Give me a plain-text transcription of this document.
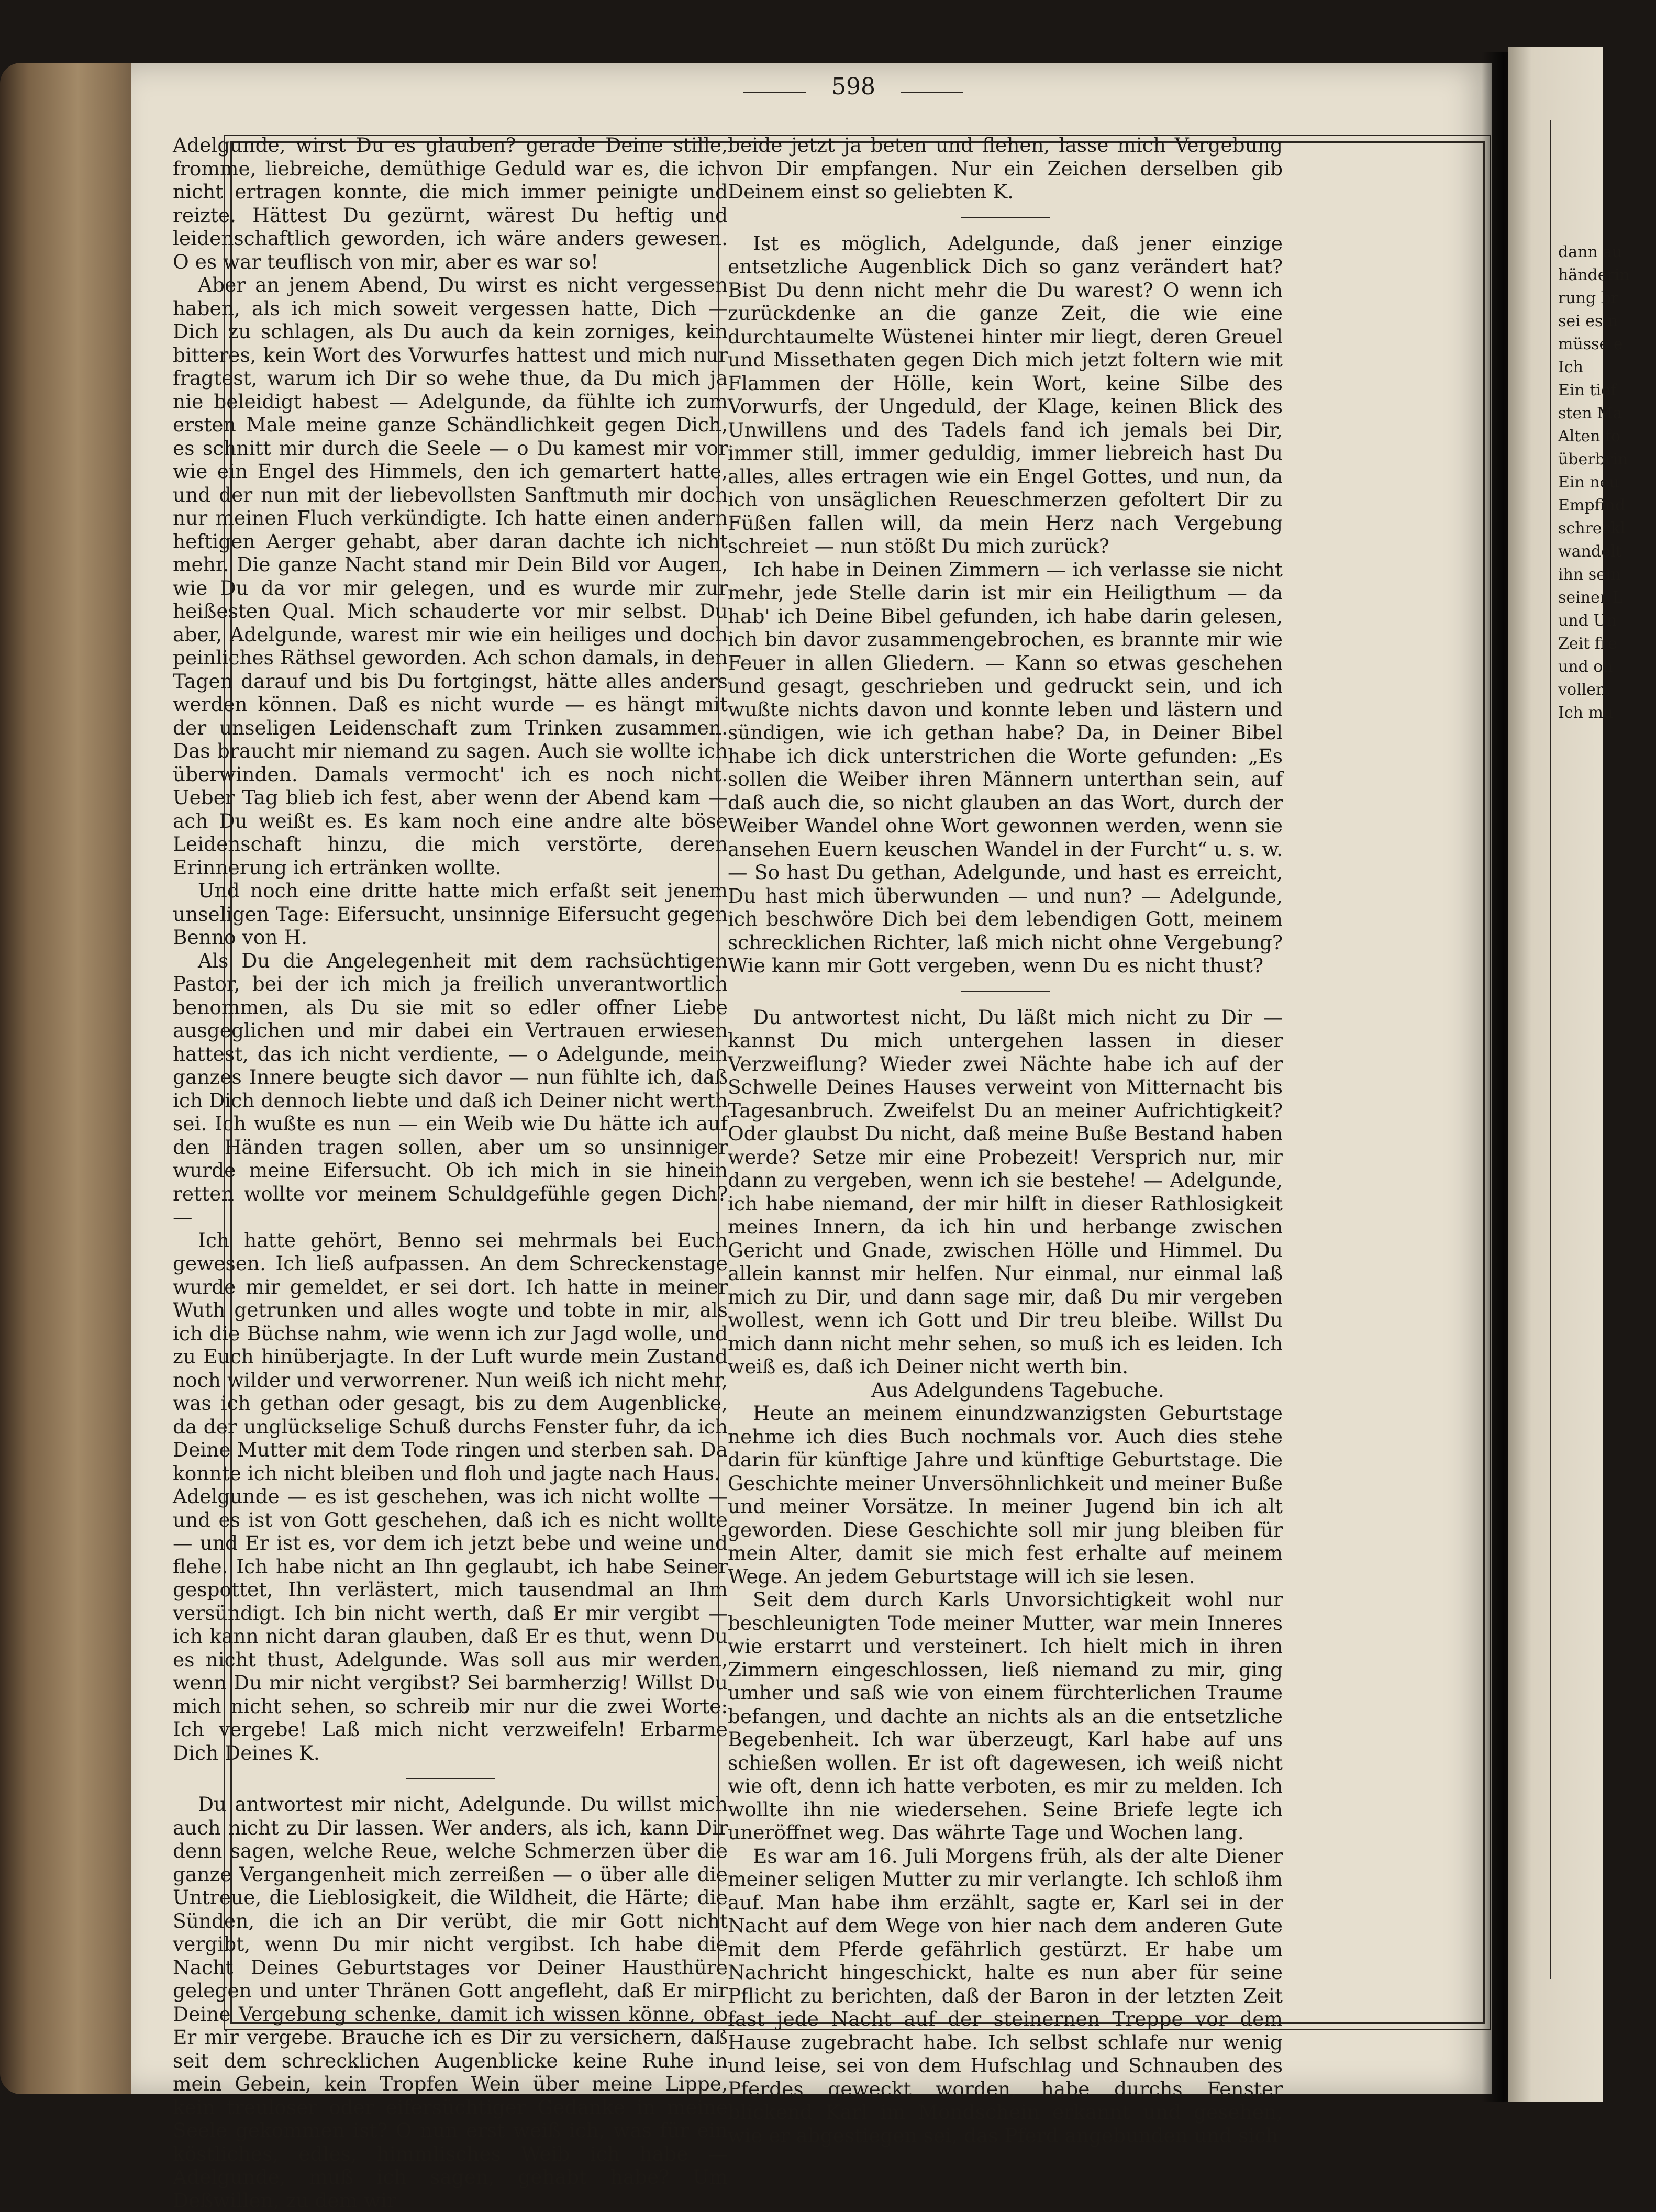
598

Adelgunde, wirst Du es glauben? gerade Deine stille, fromme, liebreiche, demüthige Geduld war es, die ich nicht ertragen konnte, die mich immer peinigte und reizte. Hättest Du gezürnt, wärest Du heftig und leidenschaftlich geworden, ich wäre anders gewesen. O es war teuflisch von mir, aber es war so!

Aber an jenem Abend, Du wirst es nicht vergessen haben, als ich mich soweit vergessen hatte, Dich — Dich zu schlagen, als Du auch da kein zorniges, kein bitteres, kein Wort des Vorwurfes hattest und mich nur fragtest, warum ich Dir so wehe thue, da Du mich ja nie beleidigt habest — Adelgunde, da fühlte ich zum ersten Male meine ganze Schändlichkeit gegen Dich, es schnitt mir durch die Seele — o Du kamest mir vor wie ein Engel des Himmels, den ich gemartert hatte, und der nun mit der liebevollsten Sanftmuth mir doch nur meinen Fluch verkündigte. Ich hatte einen andern heftigen Aerger gehabt, aber daran dachte ich nicht mehr. Die ganze Nacht stand mir Dein Bild vor Augen, wie Du da vor mir gelegen, und es wurde mir zur heißesten Qual. Mich schauderte vor mir selbst. Du aber, Adelgunde, warest mir wie ein heiliges und doch peinliches Räthsel geworden. Ach schon damals, in den Tagen darauf und bis Du fortgingst, hätte alles anders werden können. Daß es nicht wurde — es hängt mit der unseligen Leidenschaft zum Trinken zusammen. Das braucht mir niemand zu sagen. Auch sie wollte ich überwinden. Damals vermocht' ich es noch nicht. Ueber Tag blieb ich fest, aber wenn der Abend kam — ach Du weißt es. Es kam noch eine andre alte böse Leidenschaft hinzu, die mich verstörte, deren Erinnerung ich ertränken wollte.

Und noch eine dritte hatte mich erfaßt seit jenem unseligen Tage: Eifersucht, unsinnige Eifersucht gegen Benno von H.

Als Du die Angelegenheit mit dem rachsüchtigen Pastor, bei der ich mich ja freilich unverantwortlich benommen, als Du sie mit so edler offner Liebe ausgeglichen und mir dabei ein Vertrauen erwiesen hattest, das ich nicht verdiente, — o Adelgunde, mein ganzes Innere beugte sich davor — nun fühlte ich, daß ich Dich dennoch liebte und daß ich Deiner nicht werth sei. Ich wußte es nun — ein Weib wie Du hätte ich auf den Händen tragen sollen, aber um so unsinniger wurde meine Eifersucht. Ob ich mich in sie hinein retten wollte vor meinem Schuldgefühle gegen Dich? —

Ich hatte gehört, Benno sei mehrmals bei Euch gewesen. Ich ließ aufpassen. An dem Schreckenstage wurde mir gemeldet, er sei dort. Ich hatte in meiner Wuth getrunken und alles wogte und tobte in mir, als ich die Büchse nahm, wie wenn ich zur Jagd wolle, und zu Euch hinüberjagte. In der Luft wurde mein Zustand noch wilder und verworrener. Nun weiß ich nicht mehr, was ich gethan oder gesagt, bis zu dem Augenblicke, da der unglückselige Schuß durchs Fenster fuhr, da ich Deine Mutter mit dem Tode ringen und sterben sah. Da konnte ich nicht bleiben und floh und jagte nach Haus.

Adelgunde — es ist geschehen, was ich nicht wollte — und es ist von Gott geschehen, daß ich es nicht wollte — und Er ist es, vor dem ich jetzt bebe und weine und flehe. Ich habe nicht an Ihn geglaubt, ich habe Seiner gespottet, Ihn verlästert, mich tausendmal an Ihm versündigt. Ich bin nicht werth, daß Er mir vergibt — ich kann nicht daran glauben, daß Er es thut, wenn Du es nicht thust, Adelgunde. Was soll aus mir werden, wenn Du mir nicht vergibst? Sei barmherzig! Willst Du mich nicht sehen, so schreib mir nur die zwei Worte: Ich vergebe! Laß mich nicht verzweifeln! Erbarme Dich Deines K.

Du antwortest mir nicht, Adelgunde. Du willst mich auch nicht zu Dir lassen. Wer anders, als ich, kann Dir denn sagen, welche Reue, welche Schmerzen über die ganze Vergangenheit mich zerreißen — o über alle die Untreue, die Lieblosigkeit, die Wildheit, die Härte; die Sünden, die ich an Dir verübt, die mir Gott nicht vergibt, wenn Du mir nicht vergibst. Ich habe die Nacht Deines Geburtstages vor Deiner Hausthüre gelegen und unter Thränen Gott angefleht, daß Er mir Deine Vergebung schenke, damit ich wissen könne, ob Er mir vergebe. Brauche ich es Dir zu versichern, daß seit dem schrecklichen Augenblicke keine Ruhe in mein Gebein, kein Tropfen Wein über meine Lippe, kein treuloser oder eifersüchtiger Gedanke in meine Seele gekommen ist? O nun erst weiß ich, was für ein köstliches, edles, himmlisches Weib ich habe — Adelgunde, muß ich sagen, gehabt habe? Um Deßwillen, zu dem wir

beide jetzt ja beten und flehen, lasse mich Vergebung von Dir empfangen. Nur ein Zeichen derselben gib Deinem einst so geliebten K.

Ist es möglich, Adelgunde, daß jener einzige entsetzliche Augenblick Dich so ganz verändert hat? Bist Du denn nicht mehr die Du warest? O wenn ich zurückdenke an die ganze Zeit, die wie eine durchtaumelte Wüstenei hinter mir liegt, deren Greuel und Missethaten gegen Dich mich jetzt foltern wie mit Flammen der Hölle, kein Wort, keine Silbe des Vorwurfs, der Ungeduld, der Klage, keinen Blick des Unwillens und des Tadels fand ich jemals bei Dir, immer still, immer geduldig, immer liebreich hast Du alles, alles ertragen wie ein Engel Gottes, und nun, da ich von unsäglichen Reueschmerzen gefoltert Dir zu Füßen fallen will, da mein Herz nach Vergebung schreiet — nun stößt Du mich zurück?

Ich habe in Deinen Zimmern — ich verlasse sie nicht mehr, jede Stelle darin ist mir ein Heiligthum — da hab' ich Deine Bibel gefunden, ich habe darin gelesen, ich bin davor zusammengebrochen, es brannte mir wie Feuer in allen Gliedern. — Kann so etwas geschehen und gesagt, geschrieben und gedruckt sein, und ich wußte nichts davon und konnte leben und lästern und sündigen, wie ich gethan habe? Da, in Deiner Bibel habe ich dick unterstrichen die Worte gefunden: „Es sollen die Weiber ihren Männern unterthan sein, auf daß auch die, so nicht glauben an das Wort, durch der Weiber Wandel ohne Wort gewonnen werden, wenn sie ansehen Euern keuschen Wandel in der Furcht“ u. s. w. — So hast Du gethan, Adelgunde, und hast es erreicht, Du hast mich überwunden — und nun? — Adelgunde, ich beschwöre Dich bei dem lebendigen Gott, meinem schrecklichen Richter, laß mich nicht ohne Vergebung? Wie kann mir Gott vergeben, wenn Du es nicht thust?

Du antwortest nicht, Du läßt mich nicht zu Dir — kannst Du mich untergehen lassen in dieser Verzweiflung? Wieder zwei Nächte habe ich auf der Schwelle Deines Hauses verweint von Mitternacht bis Tagesanbruch. Zweifelst Du an meiner Aufrichtigkeit? Oder glaubst Du nicht, daß meine Buße Bestand haben werde? Setze mir eine Probezeit! Versprich nur, mir dann zu vergeben, wenn ich sie bestehe! — Adelgunde, ich habe niemand, der mir hilft in dieser Rathlosigkeit meines Innern, da ich hin und herbange zwischen Gericht und Gnade, zwischen Hölle und Himmel. Du allein kannst mir helfen. Nur einmal, nur einmal laß mich zu Dir, und dann sage mir, daß Du mir vergeben wollest, wenn ich Gott und Dir treu bleibe. Willst Du mich dann nicht mehr sehen, so muß ich es leiden. Ich weiß es, daß ich Deiner nicht werth bin.

Aus Adelgundens Tagebuche.

Heute an meinem einundzwanzigsten Geburtstage nehme ich dies Buch nochmals vor. Auch dies stehe darin für künftige Jahre und künftige Geburtstage. Die Geschichte meiner Unversöhnlichkeit und meiner Buße und meiner Vorsätze. In meiner Jugend bin ich alt geworden. Diese Geschichte soll mir jung bleiben für mein Alter, damit sie mich fest erhalte auf meinem Wege. An jedem Geburtstage will ich sie lesen.

Seit dem durch Karls Unvorsichtigkeit wohl nur beschleunigten Tode meiner Mutter, war mein Inneres wie erstarrt und versteinert. Ich hielt mich in ihren Zimmern eingeschlossen, ließ niemand zu mir, ging umher und saß wie von einem fürchterlichen Traume befangen, und dachte an nichts als an die entsetzliche Begebenheit. Ich war überzeugt, Karl habe auf uns schießen wollen. Er ist oft dagewesen, ich weiß nicht wie oft, denn ich hatte verboten, es mir zu melden. Ich wollte ihn nie wiedersehen. Seine Briefe legte ich uneröffnet weg. Das währte Tage und Wochen lang.

Es war am 16. Juli Morgens früh, als der alte Diener meiner seligen Mutter zu mir verlangte. Ich schloß ihm auf. Man habe ihm erzählt, sagte er, Karl sei in der Nacht auf dem Wege von hier nach dem anderen Gute mit dem Pferde gefährlich gestürzt. Er habe um Nachricht hingeschickt, halte es nun aber für seine Pflicht zu berichten, daß der Baron in der letzten Zeit fast jede Nacht auf der steinernen Treppe vor dem Hause zugebracht habe. Ich selbst schlafe nur wenig und leise, sei von dem Hufschlag und Schnauben des Pferdes geweckt worden, habe durchs Fenster blickend Karl im Mondschein erkannt und gesehen, wie er abgestiegen sei, das Pferd angebunden und sich

dann au
händerin
rung br
sei es n
müsse e
Ich
Ein tief
sten Ma
Alten fo
überbrin
Ein neu
Empfind
schreckl
wandelt
ihn sein
seiner L
und Un
Zeit fre
und oh
vollen,
Ich mu
